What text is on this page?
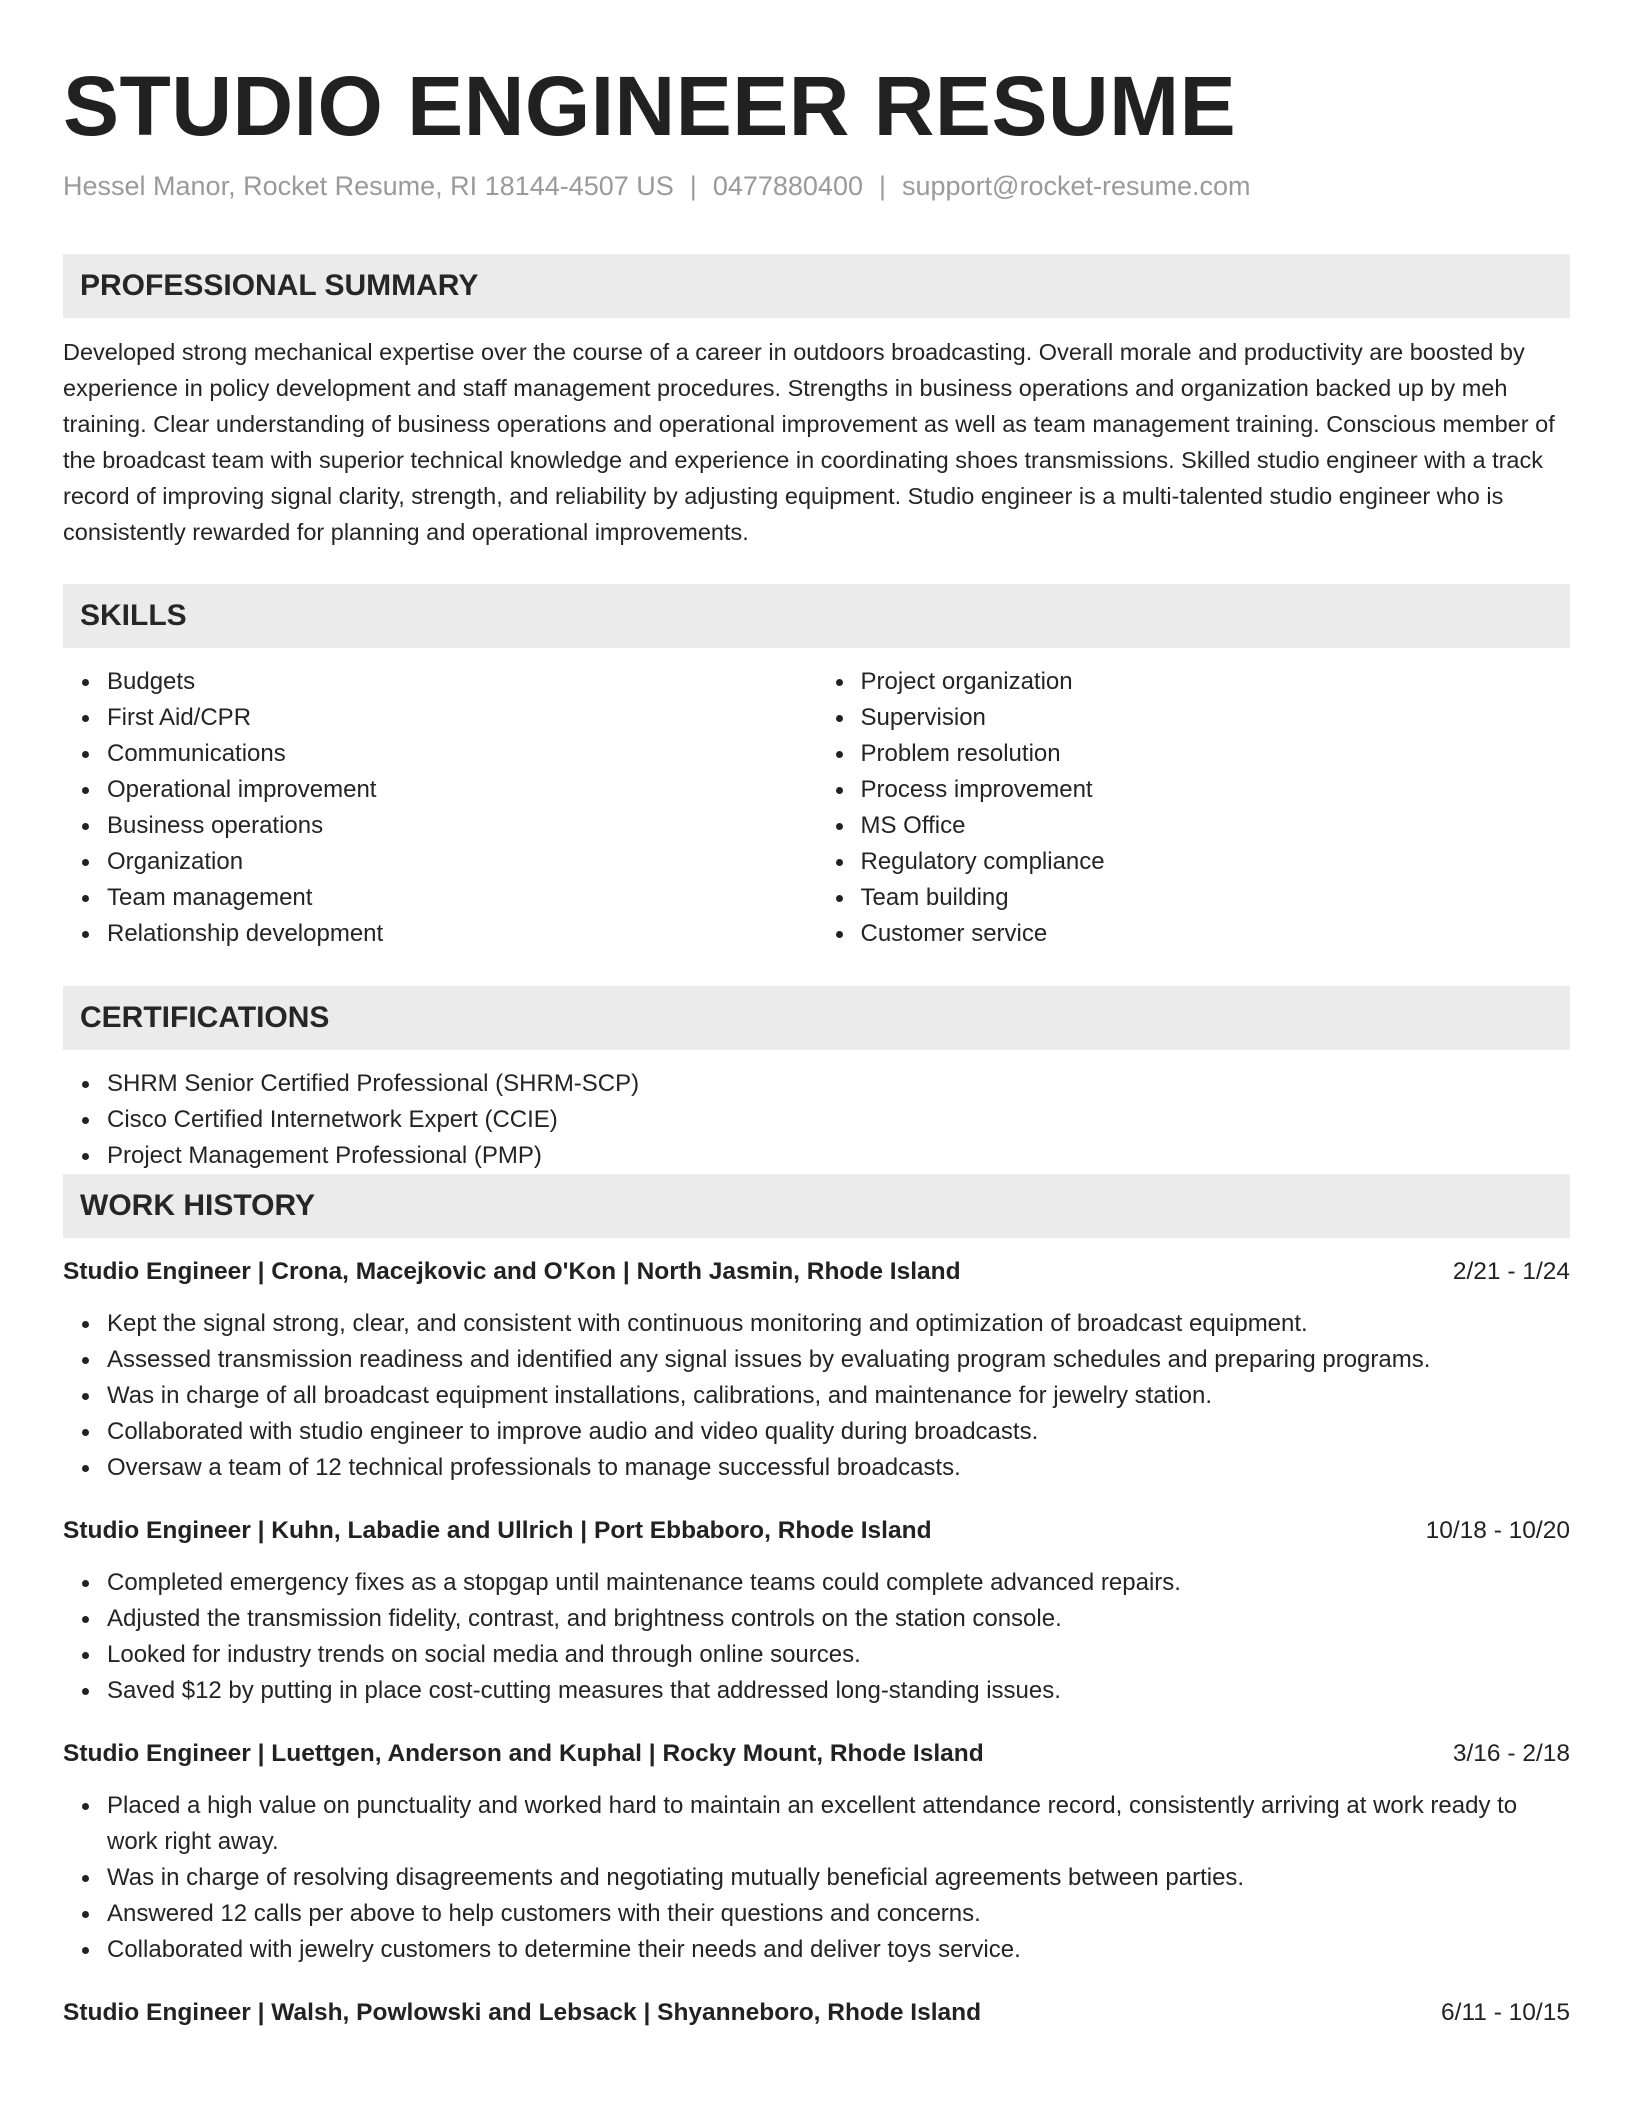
STUDIO ENGINEER RESUME
Hessel Manor, Rocket Resume, RI 18144-4507 US | 0477880400 | support@rocket-resume.com
PROFESSIONAL SUMMARY

Developed strong mechanical expertise over the course of a career in outdoors broadcasting. Overall morale and productivity are boosted by experience in policy development and staff management procedures. Strengths in business operations and organization backed up by meh training. Clear understanding of business operations and operational improvement as well as team management training. Conscious member of the broadcast team with superior technical knowledge and experience in coordinating shoes transmissions. Skilled studio engineer with a track record of improving signal clarity, strength, and reliability by adjusting equipment. Studio engineer is a multi-talented studio engineer who is consistently rewarded for planning and operational improvements.

SKILLS
Budgets
First Aid/CPR
Communications
Operational improvement
Business operations
Organization
Team management
Relationship development
Project organization
Supervision
Problem resolution
Process improvement
MS Office
Regulatory compliance
Team building
Customer service
CERTIFICATIONS
SHRM Senior Certified Professional (SHRM-SCP)
Cisco Certified Internetwork Expert (CCIE)
Project Management Professional (PMP)
WORK HISTORY
Studio Engineer | Crona, Macejkovic and O'Kon | North Jasmin, Rhode Island	2/21 - 1/24
Kept the signal strong, clear, and consistent with continuous monitoring and optimization of broadcast equipment.
Assessed transmission readiness and identified any signal issues by evaluating program schedules and preparing programs.
Was in charge of all broadcast equipment installations, calibrations, and maintenance for jewelry station.
Collaborated with studio engineer to improve audio and video quality during broadcasts.
Oversaw a team of 12 technical professionals to manage successful broadcasts.
Studio Engineer | Kuhn, Labadie and Ullrich | Port Ebbaboro, Rhode Island	10/18 - 10/20
Completed emergency fixes as a stopgap until maintenance teams could complete advanced repairs.
Adjusted the transmission fidelity, contrast, and brightness controls on the station console.
Looked for industry trends on social media and through online sources.
Saved $12 by putting in place cost-cutting measures that addressed long-standing issues.
Studio Engineer | Luettgen, Anderson and Kuphal | Rocky Mount, Rhode Island	3/16 - 2/18
Placed a high value on punctuality and worked hard to maintain an excellent attendance record, consistently arriving at work ready to work right away.
Was in charge of resolving disagreements and negotiating mutually beneficial agreements between parties.
Answered 12 calls per above to help customers with their questions and concerns.
Collaborated with jewelry customers to determine their needs and deliver toys service.
Studio Engineer | Walsh, Powlowski and Lebsack | Shyanneboro, Rhode Island	6/11 - 10/15
